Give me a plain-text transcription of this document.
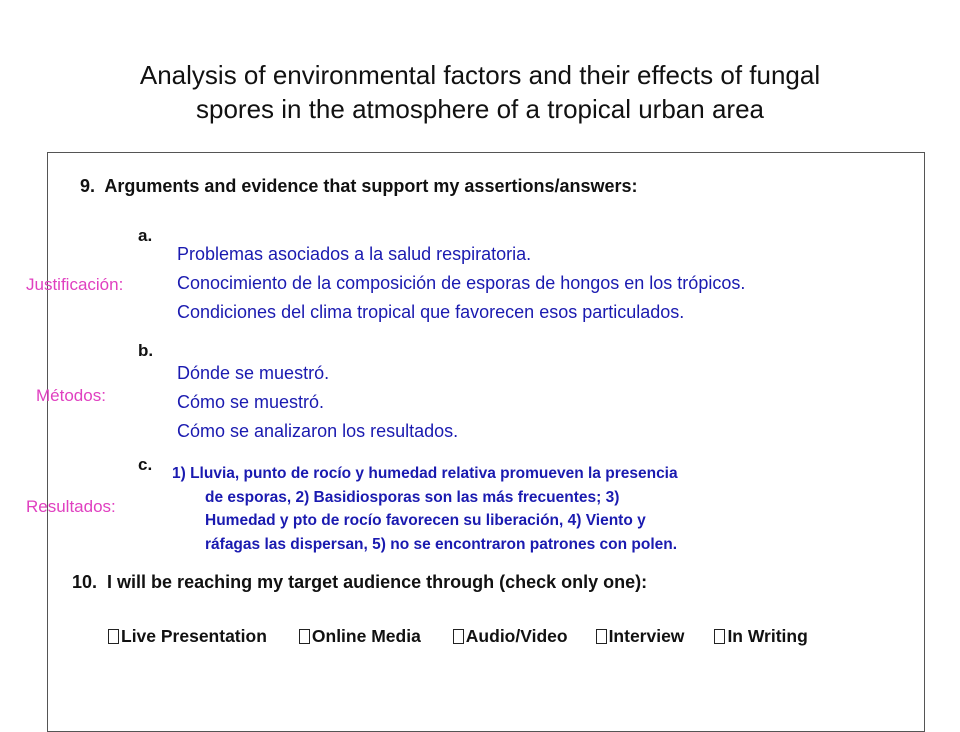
Analysis of environmental factors and their effects of fungal
spores in the atmosphere of a tropical urban area
9. Arguments and evidence that support my assertions/answers:
a.
Justificación:
Problemas asociados a la salud respiratoria.
Conocimiento de la composición de esporas de hongos en los trópicos.
Condiciones del clima tropical que favorecen esos particulados.
b.
Métodos:
Dónde se muestró.
Cómo se muestró.
Cómo se analizaron los resultados.
c.
Resultados:
1) Lluvia, punto de rocío y humedad relativa promueven la presencia
de esporas, 2) Basidiosporas son las más frecuentes; 3)
Humedad y pto de rocío favorecen su liberación, 4) Viento y
ráfagas las dispersan, 5) no se encontraron patrones con polen.
10. I will be reaching my target audience through (check only one):
Live Presentation	Online Media	Audio/Video Interview In Writing
